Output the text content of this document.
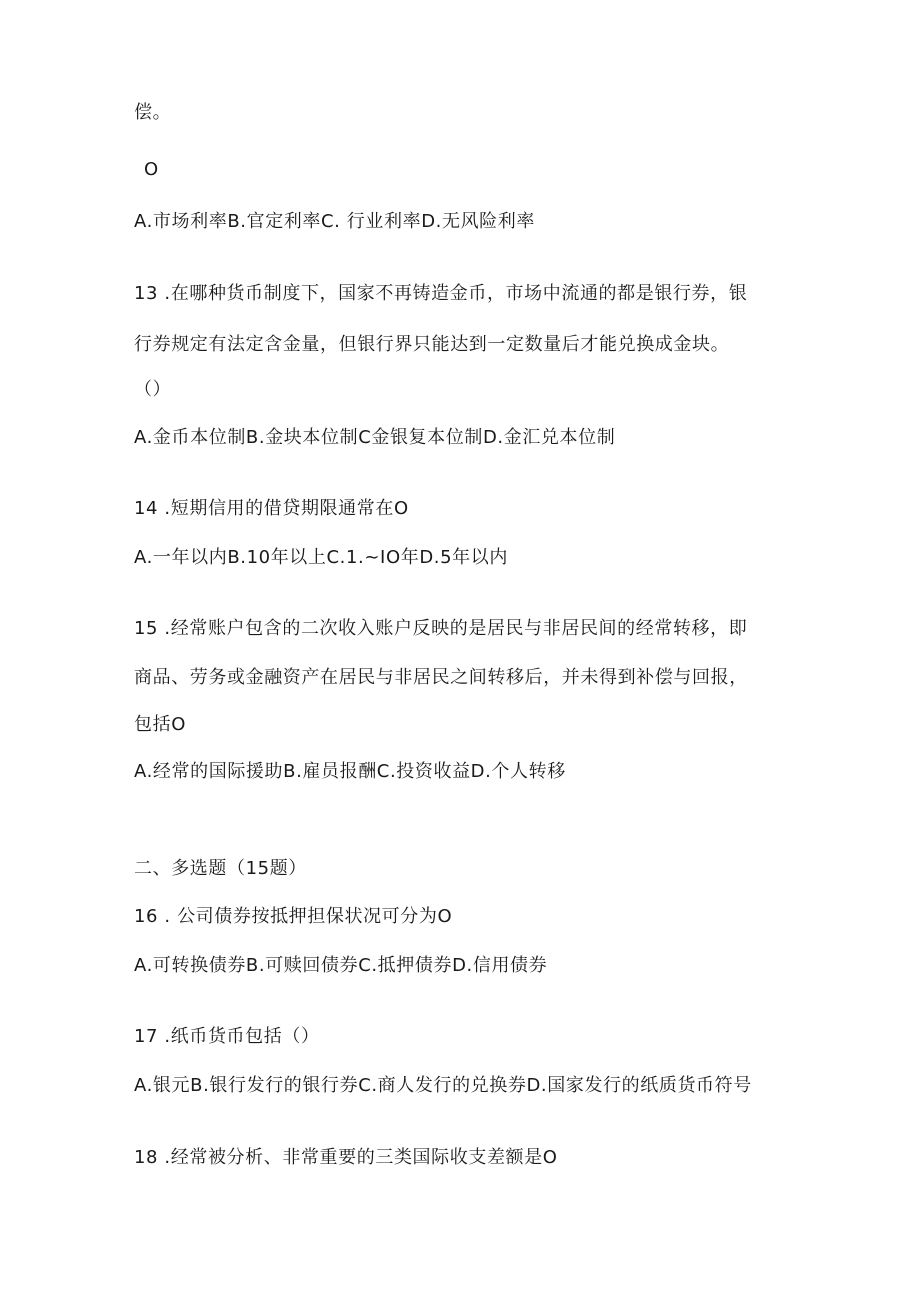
偿。
O
A.市场利率B.官定利率C. 行业利率D.无风险利率
13 .在哪种货币制度下，国家不再铸造金币，市场中流通的都是银行券，银
行券规定有法定含金量，但银行界只能达到一定数量后才能兑换成金块。
（）
A.金币本位制B.金块本位制C金银复本位制D.金汇兑本位制
14 .短期信用的借贷期限通常在O
A.一年以内B.10年以上C.1.~IO年D.5年以内
15 .经常账户包含的二次收入账户反映的是居民与非居民间的经常转移，即
商品、劳务或金融资产在居民与非居民之间转移后，并未得到补偿与回报，
包括O
A.经常的国际援助B.雇员报酬C.投资收益D.个人转移
二、多选题（15题）
16 . 公司债券按抵押担保状况可分为O
A.可转换债券B.可赎回债券C.抵押债券D.信用债券
17 .纸币货币包括（）
A.银元B.银行发行的银行券C.商人发行的兑换券D.国家发行的纸质货币符号
18 .经常被分析、非常重要的三类国际收支差额是O
